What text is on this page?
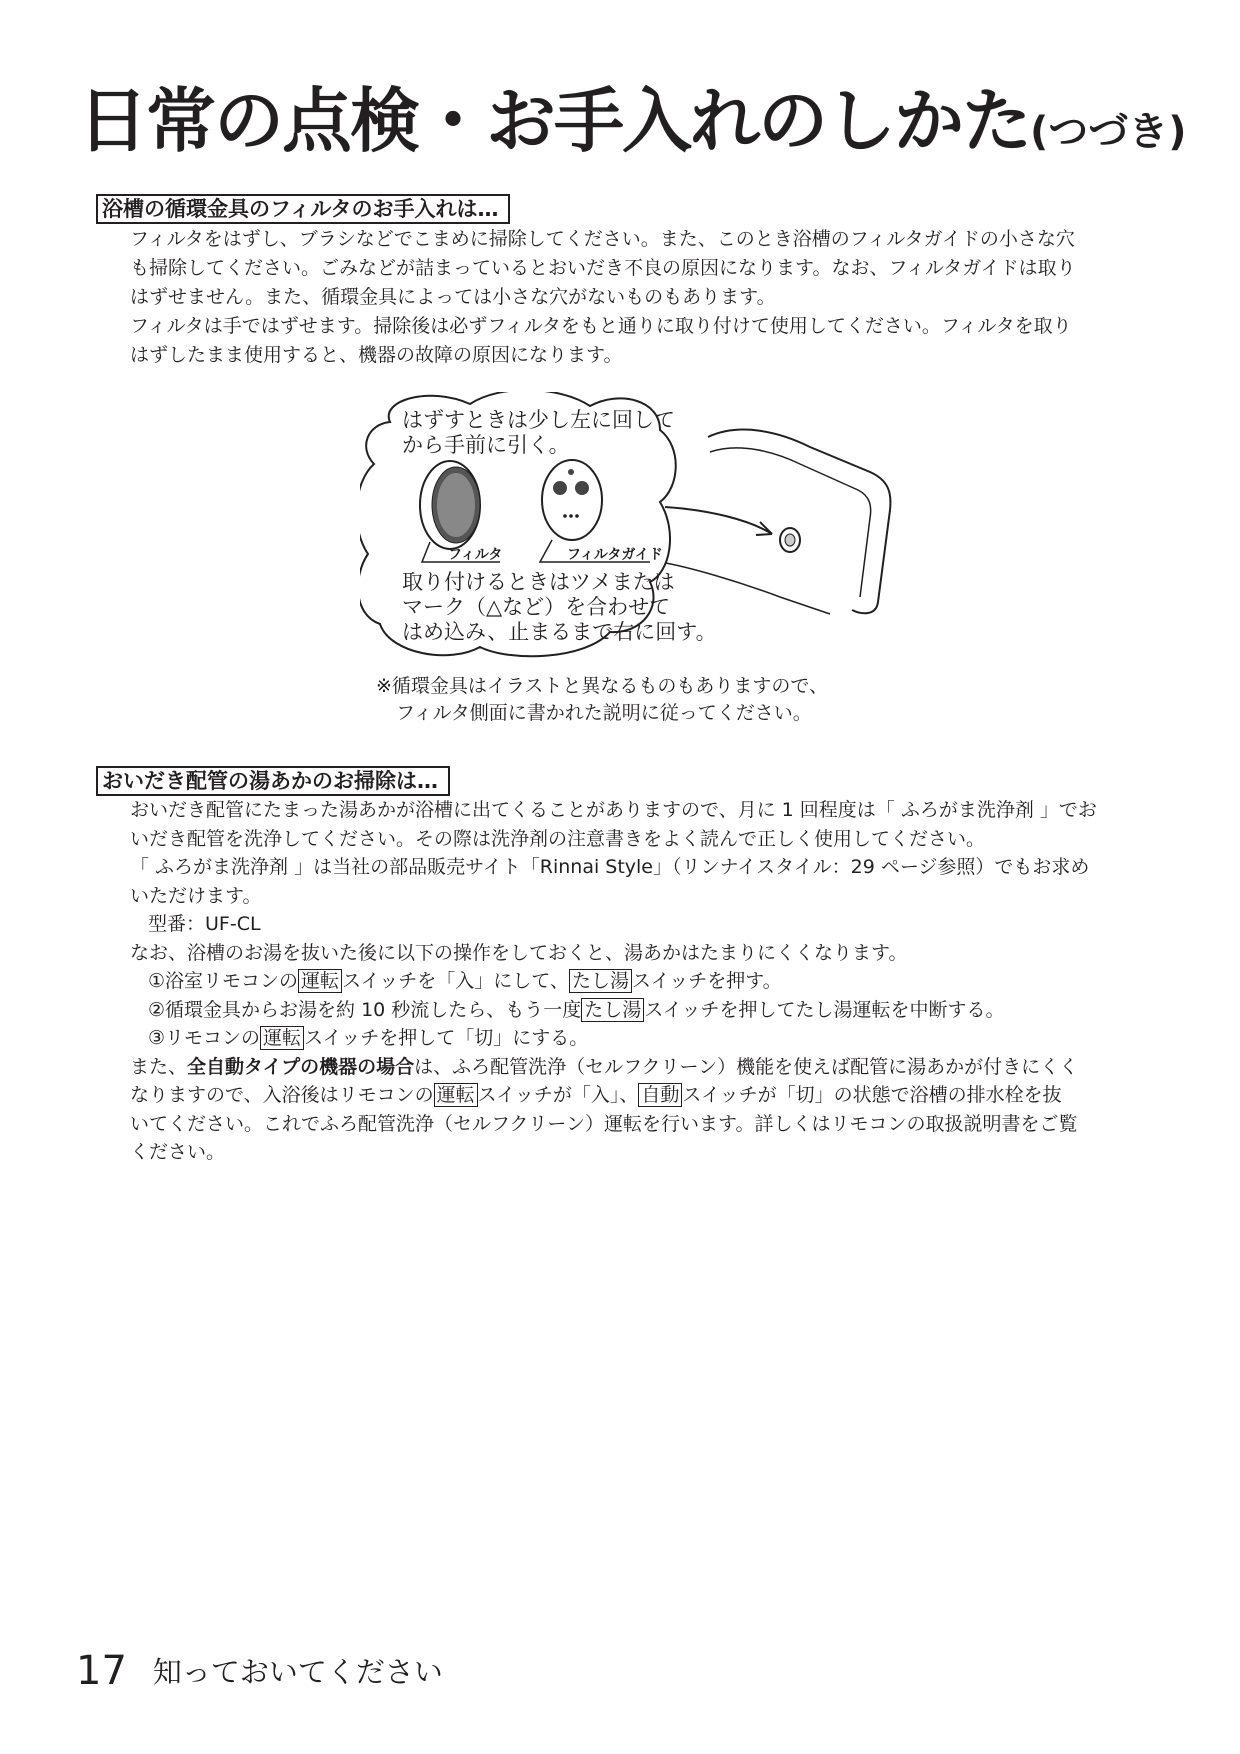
日常の点検・お手入れのしかた(つづき)
浴槽の循環金具のフィルタのお手入れは…

フィルタをはずし、ブラシなどでこまめに掃除してください。また、このとき浴槽のフィルタガイドの小さな穴

も掃除してください。ごみなどが詰まっているとおいだき不良の原因になります。なお、フィルタガイドは取り

はずせません。また、循環金具によっては小さな穴がないものもあります。

フィルタは手ではずせます。掃除後は必ずフィルタをもと通りに取り付けて使用してください。フィルタを取り

はずしたまま使用すると、機器の故障の原因になります。

はずすときは少し左に回して
から手前に引く。

フィルタ	フィルタガイド

取り付けるときはツメまたは
マーク（△など）を合わせて
はめ込み、止まるまで右に回す。

※循環金具はイラストと異なるものもありますので、
フィルタ側面に書かれた説明に従ってください。

おいだき配管の湯あかのお掃除は…

おいだき配管にたまった湯あかが浴槽に出てくることがありますので、月に 1 回程度は「 ふろがま洗浄剤 」でお

いだき配管を洗浄してください。その際は洗浄剤の注意書きをよく読んで正しく使用してください。

「 ふろがま洗浄剤 」は当社の部品販売サイト「Rinnai Style」（リンナイスタイル：29 ページ参照）でもお求め

いただけます。

型番：UF-CL

なお、浴槽のお湯を抜いた後に以下の操作をしておくと、湯あかはたまりにくくなります。

①浴室リモコンの 運転 スイッチを「入」にして、 たし湯 スイッチを押す。

②循環金具からお湯を約 10 秒流したら、もう一度 たし湯 スイッチを押してたし湯運転を中断する。

③リモコンの 運転 スイッチを押して「切」にする。

また、全自動タイプの機器の場合は、ふろ配管洗浄（セルフクリーン）機能を使えば配管に湯あかが付きにくく

なりますので、入浴後はリモコンの 運転 スイッチが「入」、 自動 スイッチが「切」の状態で浴槽の排水栓を抜

いてください。これでふろ配管洗浄（セルフクリーン）運転を行います。詳しくはリモコンの取扱説明書をご覧

ください。

17 知っておいてください
